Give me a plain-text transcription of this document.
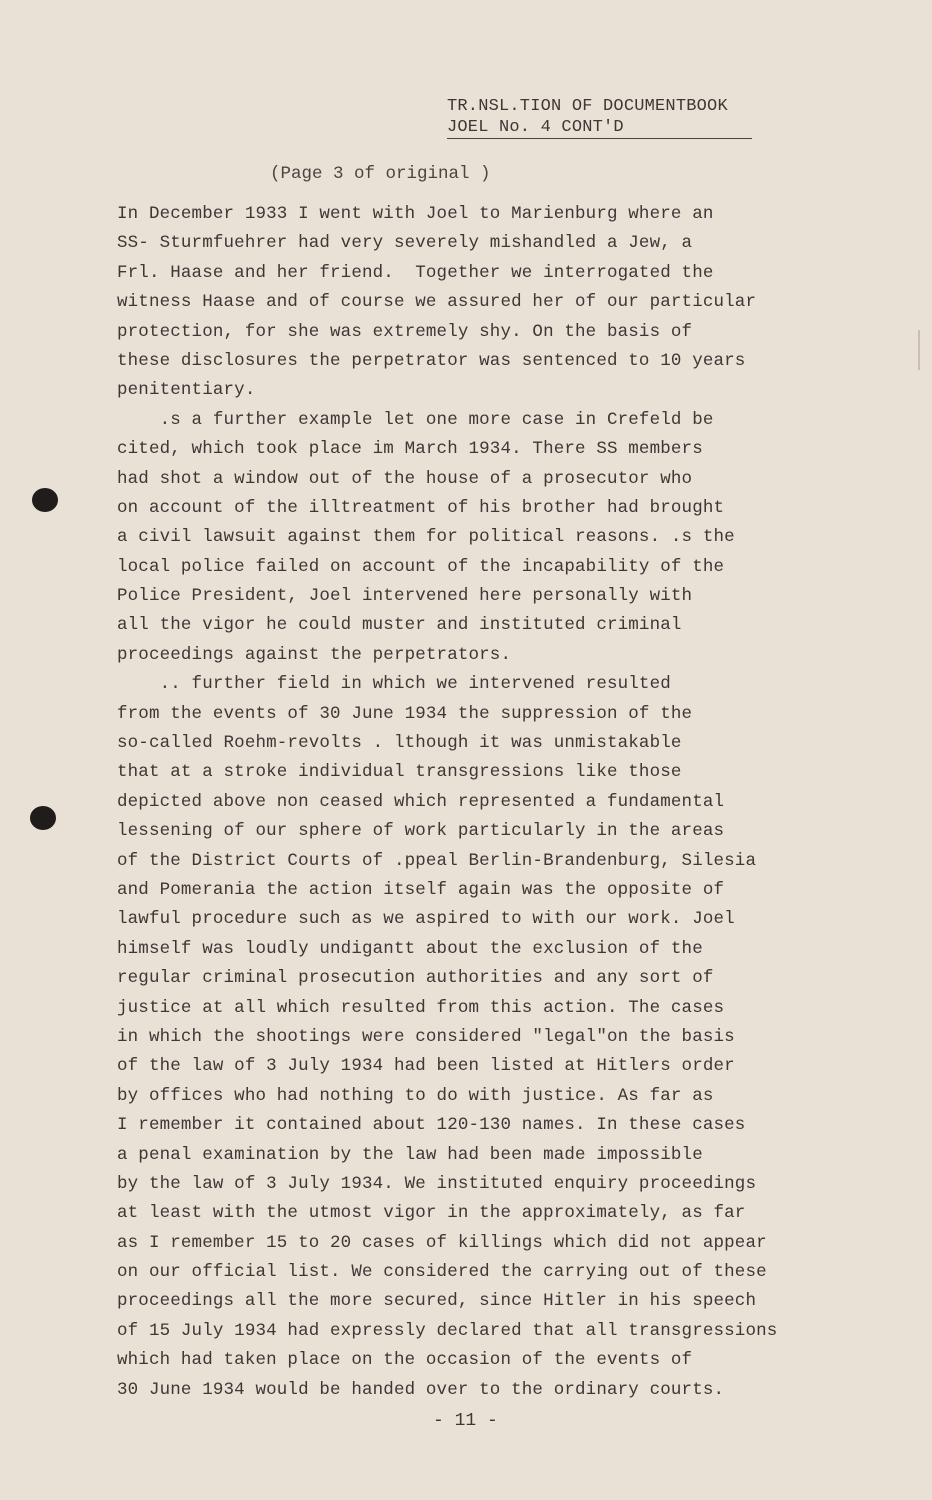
TR.NSL.TION OF DOCUMENTBOOK
JOEL No. 4 CONT'D
(Page 3 of original )
In December 1933 I went with Joel to Marienburg where an
SS- Sturmfuehrer had very severely mishandled a Jew, a
Frl. Haase and her friend.  Together we interrogated the
witness Haase and of course we assured her of our particular
protection, for she was extremely shy. On the basis of
these disclosures the perpetrator was sentenced to 10 years
penitentiary.
.s a further example let one more case in Crefeld be
cited, which took place im March 1934. There SS members
had shot a window out of the house of a prosecutor who
on account of the illtreatment of his brother had brought
a civil lawsuit against them for political reasons. .s the
local police failed on account of the incapability of the
Police President, Joel intervened here personally with
all the vigor he could muster and instituted criminal
proceedings against the perpetrators.
.. further field in which we intervened resulted
from the events of 30 June 1934 the suppression of the
so-called Roehm-revolts . lthough it was unmistakable
that at a stroke individual transgressions like those
depicted above non ceased which represented a fundamental
lessening of our sphere of work particularly in the areas
of the District Courts of .ppeal Berlin-Brandenburg, Silesia
and Pomerania the action itself again was the opposite of
lawful procedure such as we aspired to with our work. Joel
himself was loudly undigantt about the exclusion of the
regular criminal prosecution authorities and any sort of
justice at all which resulted from this action. The cases
in which the shootings were considered "legal"on the basis
of the law of 3 July 1934 had been listed at Hitlers order
by offices who had nothing to do with justice. As far as
I remember it contained about 120-130 names. In these cases
a penal examination by the law had been made impossible
by the law of 3 July 1934. We instituted enquiry proceedings
at least with the utmost vigor in the approximately, as far
as I remember 15 to 20 cases of killings which did not appear
on our official list. We considered the carrying out of these
proceedings all the more secured, since Hitler in his speech
of 15 July 1934 had expressly declared that all transgressions
which had taken place on the occasion of the events of
30 June 1934 would be handed over to the ordinary courts.
- 11 -
